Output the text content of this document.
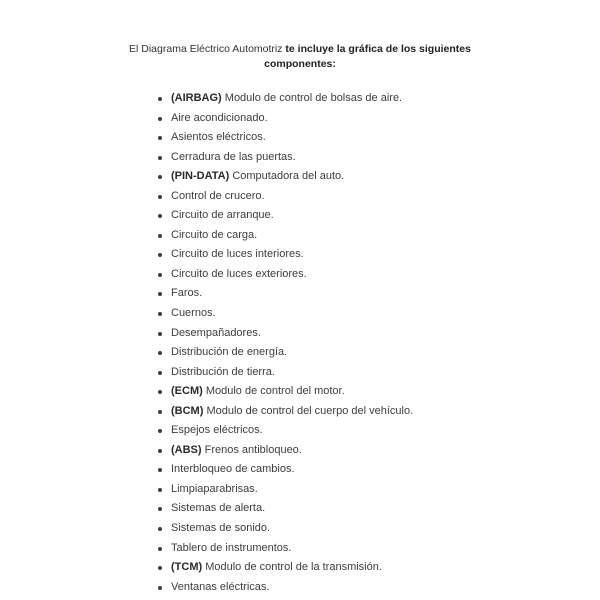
El Diagrama Eléctrico Automotriz te incluye la gráfica de los siguientes componentes:
(AIRBAG) Modulo de control de bolsas de aire.
Aire acondicionado.
Asientos eléctricos.
Cerradura de las puertas.
(PIN-DATA) Computadora del auto.
Control de crucero.
Circuito de arranque.
Circuito de carga.
Circuito de luces interiores.
Circuito de luces exteriores.
Faros.
Cuernos.
Desempañadores.
Distribución de energía.
Distribución de tierra.
(ECM) Modulo de control del motor.
(BCM) Modulo de control del cuerpo del vehículo.
Espejos eléctricos.
(ABS) Frenos antibloqueo.
Interbloqueo de cambios.
Limpiaparabrisas.
Sistemas de alerta.
Sistemas de sonido.
Tablero de instrumentos.
(TCM) Modulo de control de la transmisión.
Ventanas eléctricas.
